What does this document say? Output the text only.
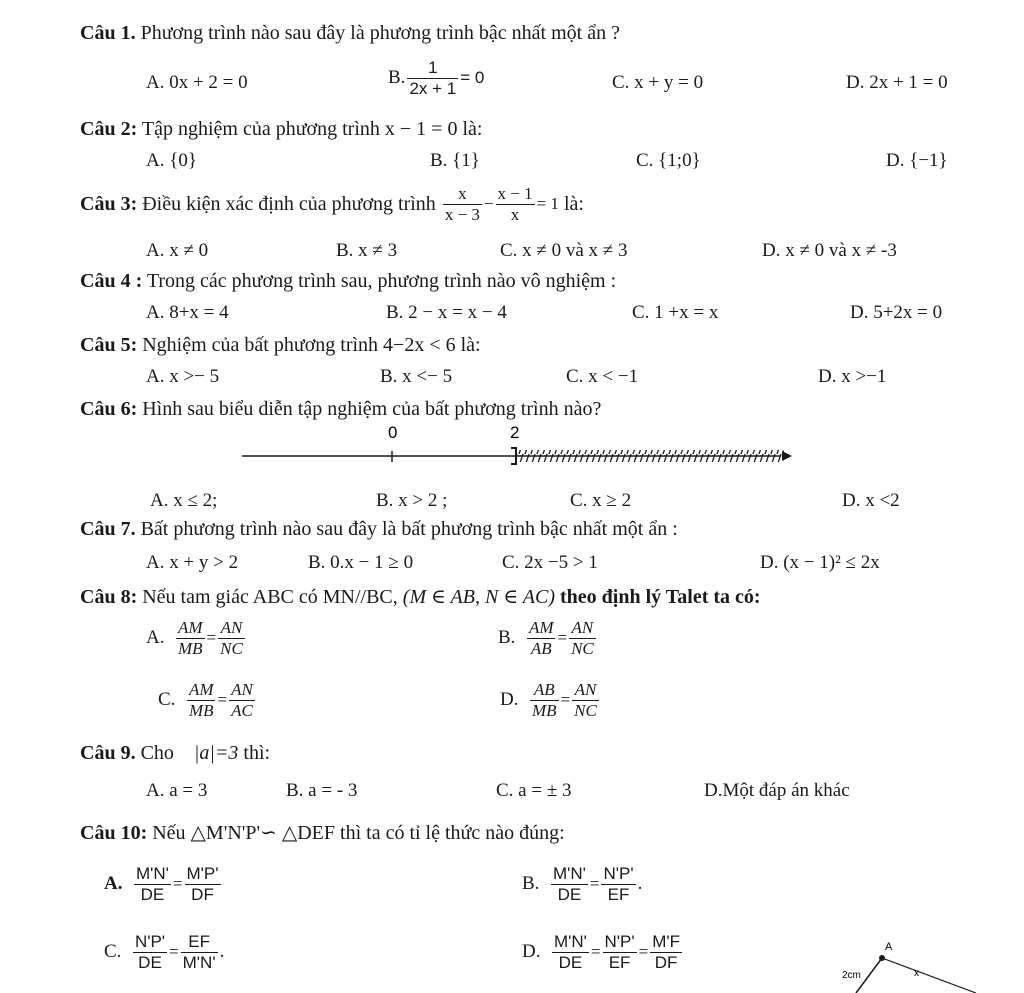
Câu 1. Phương trình nào sau đây là phương trình bậc nhất một ẩn ?
A. 0x + 2 = 0	B. $\frac{1}{2x + 1} = 0$	C. x + y = 0	D. 2x + 1 = 0
Câu 2: Tập nghiệm của phương trình x − 1 = 0 là:
A. {0}	B. {1}	C. {1;0}	D. {−1}
Câu 3:
Điều kiện xác định của phương trình
$\frac{x}{x - 3} - \frac{x - 1}{x} = 1$
là:
A. x ≠ 0	B. x ≠ 3	C. x ≠ 0 và x ≠ 3	D. x ≠ 0 và x ≠ -3
Câu 4 : Trong các phương trình sau, phương trình nào vô nghiệm :
A. 8+x = 4	B. 2 − x = x − 4	C. 1 +x = x	D. 5+2x = 0
Câu 5: Nghiệm của bất phương trình 4−2x < 6 là:
A. x >− 5	B. x <− 5	C. x < −1	D. x >−1
Câu 6: Hình sau biểu diễn tập nghiệm của bất phương trình nào?
0	2
A. x ≤ 2;	B. x > 2 ;	C. x ≥ 2	D. x <2
Câu 7. Bất phương trình nào sau đây là bất phương trình bậc nhất một ẩn :
A. x + y > 2	B. 0.x − 1 ≥ 0	C. 2x −5 > 1	D. (x − 1)² ≤ 2x
Câu 8: Nếu tam giác ABC có MN//BC, (M ∈ AB, N ∈ AC) theo định lý Talet ta có:
A.
$\frac{AM}{MB} = \frac{AN}{NC}$	B.
$\frac{AM}{AB} = \frac{AN}{NC}$
C.
$\frac{AM}{MB} = \frac{AN}{AC}$	D.
$\frac{AB}{MB} = \frac{AN}{NC}$
Câu 9. Cho |a|=3 thì:
A. a = 3	B. a = - 3	C. a = ± 3	D.Một đáp án khác
Câu 10: Nếu △M'N'P'∽ △DEF thì ta có tỉ lệ thức nào đúng:
A.
$\frac{M'N'}{DE} = \frac{M'P'}{DF}$	B.
$\frac{M'N'}{DE} = \frac{N'P'}{EF}$ .
C.
$\frac{N'P'}{DE} = \frac{EF}{M'N'}$ .	D.
$\frac{M'N'}{DE} = \frac{N'P'}{EF} = \frac{M'F}{DF}$	A
2cm	x
